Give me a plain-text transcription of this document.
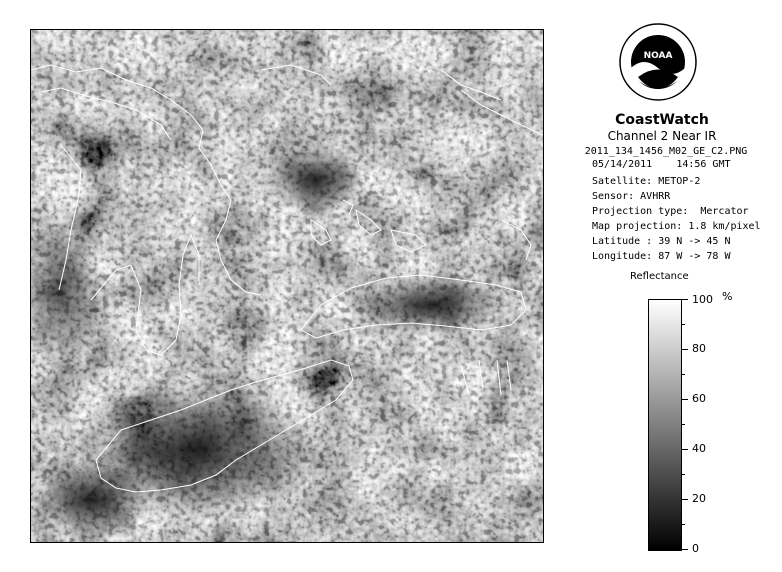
NOAA
CoastWatch
Channel 2 Near IR
2011_134_1456_M02_GE_C2.PNG
05/14/2011 14:56 GMT
Satellite: METOP-2
Sensor: AVHRR
Projection type:  Mercator
Map projection: 1.8 km/pixel
Latitude : 39 N -> 45 N
Longitude: 87 W -> 78 W
Reflectance
%
100
80
60
40
20
0
